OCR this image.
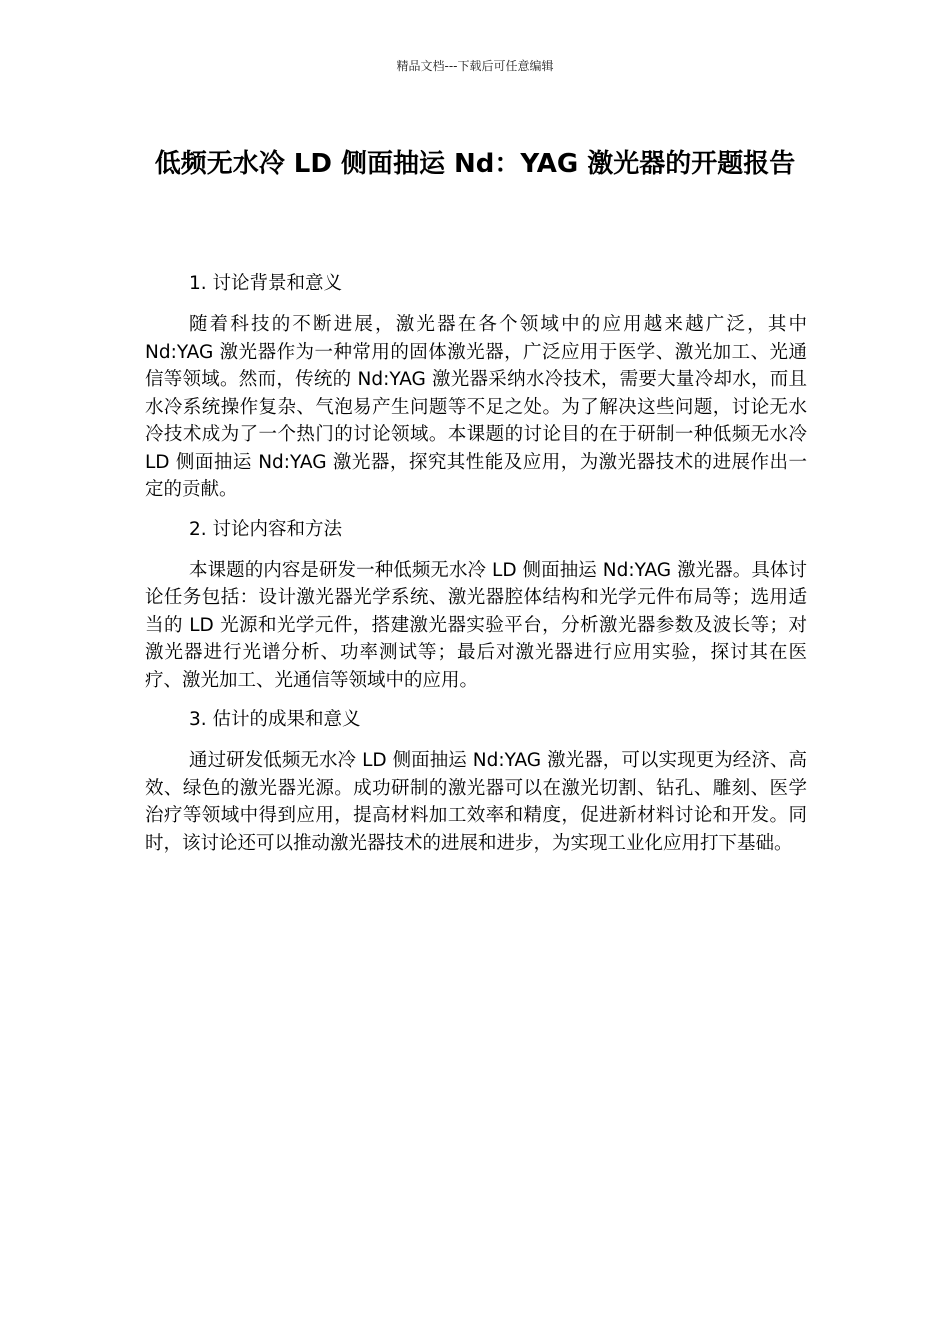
精品文档---下载后可任意编辑
低频无水冷 LD 侧面抽运 Nd：YAG 激光器的开题报告
1. 讨论背景和意义

随着科技的不断进展，激光器在各个领域中的应用越来越广泛，其中 Nd:YAG 激光器作为一种常用的固体激光器，广泛应用于医学、激光加工、光通信等领域。然而，传统的 Nd:YAG 激光器采纳水冷技术，需要大量冷却水，而且水冷系统操作复杂、气泡易产生问题等不足之处。为了解决这些问题，讨论无水冷技术成为了一个热门的讨论领域。本课题的讨论目的在于研制一种低频无水冷 LD 侧面抽运 Nd:YAG 激光器，探究其性能及应用，为激光器技术的进展作出一定的贡献。

2. 讨论内容和方法

本课题的内容是研发一种低频无水冷 LD 侧面抽运 Nd:YAG 激光器。具体讨论任务包括：设计激光器光学系统、激光器腔体结构和光学元件布局等；选用适当的 LD 光源和光学元件，搭建激光器实验平台，分析激光器参数及波长等；对激光器进行光谱分析、功率测试等；最后对激光器进行应用实验，探讨其在医疗、激光加工、光通信等领域中的应用。

3. 估计的成果和意义

通过研发低频无水冷 LD 侧面抽运 Nd:YAG 激光器，可以实现更为经济、高效、绿色的激光器光源。成功研制的激光器可以在激光切割、钻孔、雕刻、医学治疗等领域中得到应用，提高材料加工效率和精度，促进新材料讨论和开发。同时，该讨论还可以推动激光器技术的进展和进步，为实现工业化应用打下基础。
